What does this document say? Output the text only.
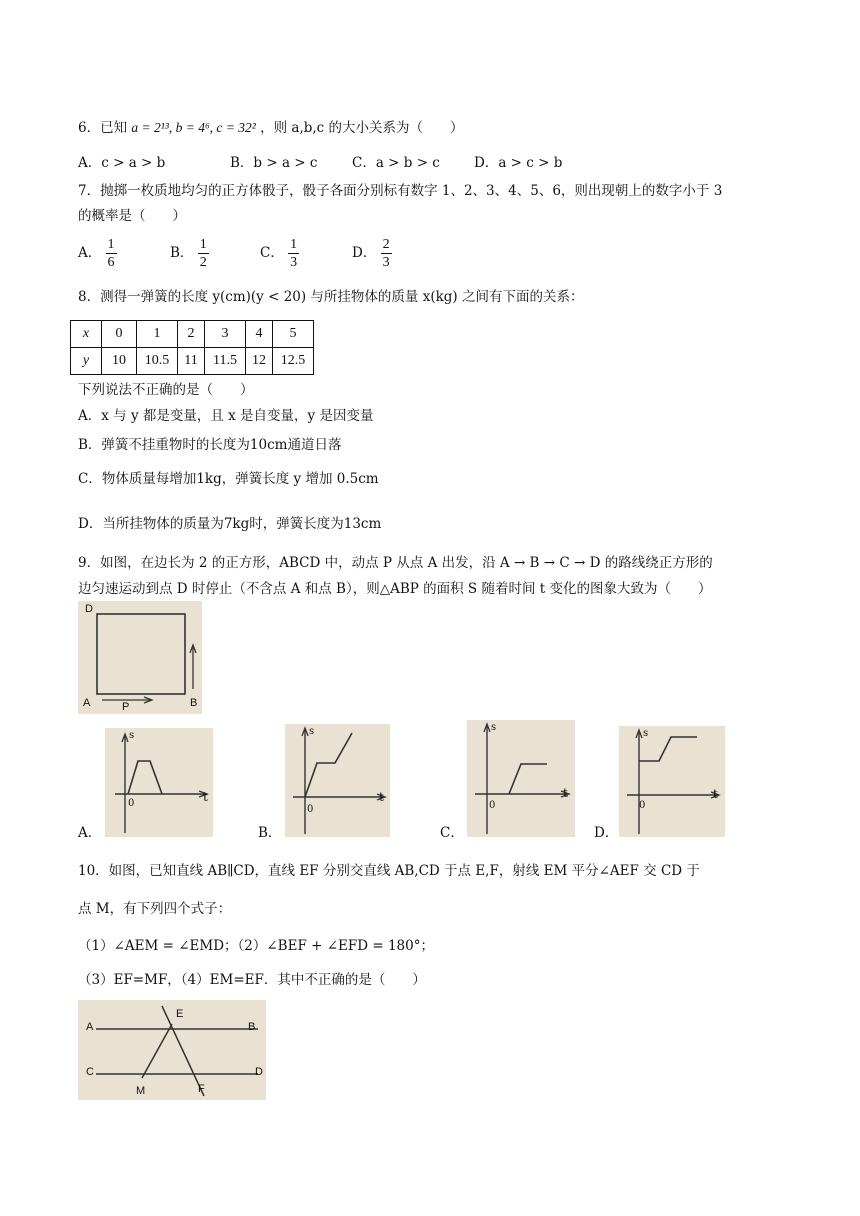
6．已知 a = 2¹³, b = 4⁶, c = 32² ，则 a,b,c 的大小关系为（　　）
A．c > a > b	B．b > a > c	C．a > b > c	D．a > c > b
7．抛掷一枚质地均匀的正方体骰子，骰子各面分别标有数字 1、2、3、4、5、6，则出现朝上的数字小于 3
的概率是（　　）
A． $\frac{1}{6}$	B． $\frac{1}{2}$	C． $\frac{1}{3}$	D． $\frac{2}{3}$
8．测得一弹簧的长度 y(cm)(y < 20) 与所挂物体的质量 x(kg) 之间有下面的关系：
x	0	1	2	3	4	5
y	10	10.5	11	11.5	12	12.5
下列说法不正确的是（　　）
A．x 与 y 都是变量，且 x 是自变量，y 是因变量
B．弹簧不挂重物时的长度为10cm通道日落
C．物体质量每增加1kg，弹簧长度 y 增加 0.5cm
D．当所挂物体的质量为7kg时，弹簧长度为13cm
9．如图，在边长为 2 的正方形，ABCD 中，动点 P 从点 A 出发，沿 A → B → C → D 的路线绕正方形的
边匀速运动到点 D 时停止（不含点 A 和点 B），则△ABP 的面积 S 随着时间 t 变化的图象大致为（　　）
D
A	B
P
A．
s
t
0
B．
s
t
0
C．
s
t
0
D．
s
t
0
10．如图，已知直线 AB∥CD，直线 EF 分别交直线 AB,CD 于点 E,F，射线 EM 平分∠AEF 交 CD 于
点 M，有下列四个式子：
（1）∠AEM = ∠EMD；（2）∠BEF + ∠EFD = 180°；
（3）EF=MF，（4）EM=EF．其中不正确的是（　　）
A	B
C	D
E
M	F
